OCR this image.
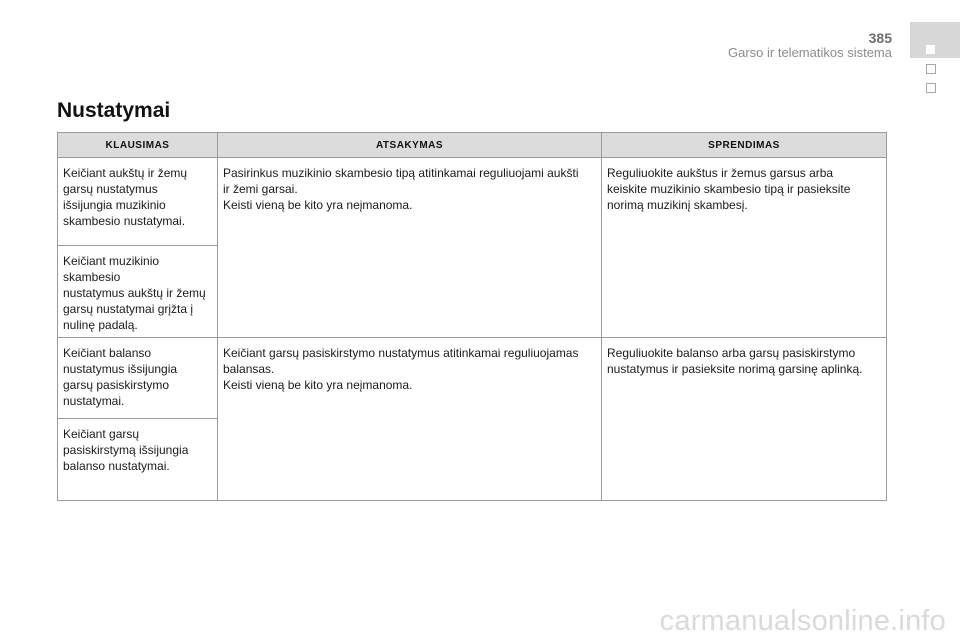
385
Garso ir telematikos sistema
Nustatymai
KLAUSIMAS	ATSAKYMAS	SPRENDIMAS
Keičiant aukštų ir žemų
garsų nustatymus
išsijungia muzikinio
skambesio nustatymai.	Pasirinkus muzikinio skambesio tipą atitinkamai reguliuojami aukšti
ir žemi garsai.
Keisti vieną be kito yra neįmanoma.	Reguliuokite aukštus ir žemus garsus arba
keiskite muzikinio skambesio tipą ir pasieksite
norimą muzikinį skambesį.
Keičiant muzikinio skambesio
nustatymus aukštų ir žemų
garsų nustatymai grįžta į
nulinę padalą.		
Keičiant balanso
nustatymus išsijungia
garsų pasiskirstymo
nustatymai.	Keičiant garsų pasiskirstymo nustatymus atitinkamai reguliuojamas
balansas.
Keisti vieną be kito yra neįmanoma.	Reguliuokite balanso arba garsų pasiskirstymo
nustatymus ir pasieksite norimą garsinę aplinką.
Keičiant garsų
pasiskirstymą išsijungia
balanso nustatymai.		
carmanualsonline.info
